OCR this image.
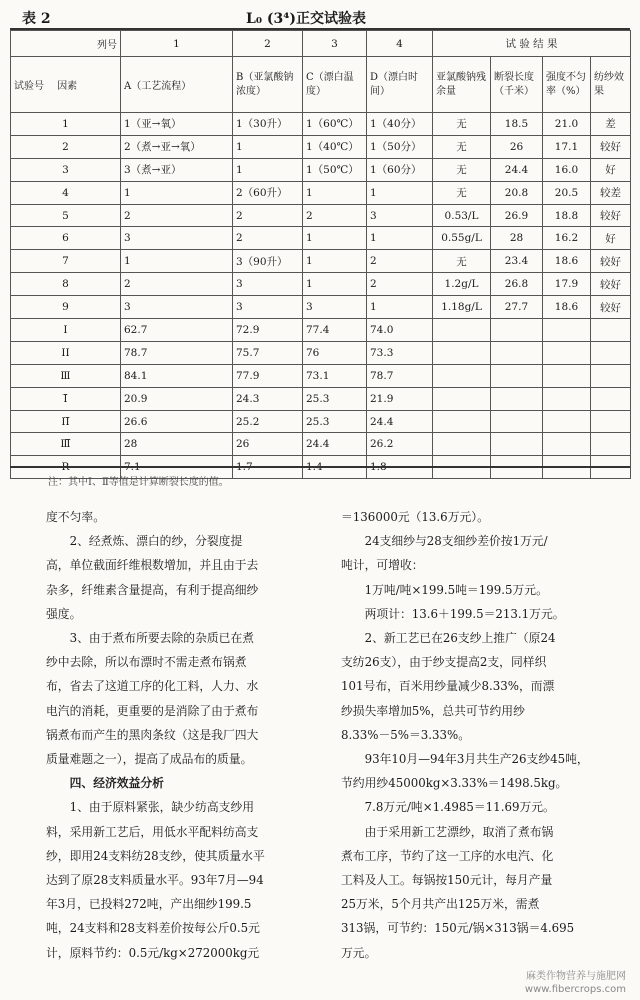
表 2	L₀ (3⁴)正交试验表
列号	1	2	3	4	试 验 结 果			
试验号　 因素	A（工艺流程）	B（亚氯酸钠浓度）	C（漂白温度）	D（漂白时间）	亚氯酸钠残余量	断裂长度（千米）	强度不匀率（%）	纺纱效果
1	1（亚→氧）	1（30升）	1（60℃）	1（40分）	无	18.5	21.0	差
2	2（煮→亚→氧）	1	1（40℃）	1（50分）	无	26	17.1	较好
3	3（煮→亚）	1	1（50℃）	1（60分）	无	24.4	16.0	好
4	1	2（60升）	1	1	无	20.8	20.5	较差
5	2	2	2	3	0.53/L	26.9	18.8	较好
6	3	2	1	1	0.55g/L	28	16.2	好
7	1	3（90升）	1	2	无	23.4	18.6	较好
8	2	3	1	2	1.2g/L	26.8	17.9	较好
9	3	3	3	1	1.18g/L	27.7	18.6	较好
Ⅰ	62.7	72.9	77.4	74.0				
ⅠⅠ	78.7	75.7	76	73.3				
Ⅲ	84.1	77.9	73.1	78.7				
Ⅰ̅	20.9	24.3	25.3	21.9				
ⅠⅠ̅	26.6	25.2	25.3	24.4				
Ⅲ̅	28	26	24.4	26.2				
R	7.1	1.7	1.4	1.8				
注：其中Ⅰ、Ⅱ等值是计算断裂长度的值。

度不匀率。

　　2、经煮炼、漂白的纱，分裂度提

高，单位截面纤维根数增加，并且由于去

杂多，纤维素含量提高，有利于提高细纱

强度。

　　3、由于煮布所要去除的杂质已在煮

纱中去除，所以布漂时不需走煮布锅煮

布，省去了这道工序的化工料，人力、水

电汽的消耗，更重要的是消除了由于煮布

锅煮布而产生的黑肉条纹（这是我厂四大

质量难题之一），提高了成品布的质量。

四、经济效益分析

　　1、由于原料紧张，缺少纺高支纱用

料，采用新工艺后，用低水平配料纺高支

纱，即用24支料纺28支纱，使其质量水平

达到了原28支料质量水平。93年7月—94

年3月，已投料272吨，产出细纱199.5

吨，24支料和28支料差价按每公斤0.5元

计，原料节约：0.5元/kg×272000kg元

＝136000元（13.6万元）。

　　24支细纱与28支细纱差价按1万元/

吨计，可增收：

　　1万吨/吨×199.5吨＝199.5万元。

　　两项计：13.6＋199.5＝213.1万元。

　　2、新工艺已在26支纱上推广（原24

支纺26支），由于纱支提高2支，同样织

101号布，百米用纱量减少8.33%，而漂

纱损失率增加5%，总共可节约用纱

8.33%－5%＝3.33%。

　　93年10月—94年3月共生产26支纱45吨，

节约用纱45000kg×3.33%＝1498.5kg。

　　7.8万元/吨×1.4985＝11.69万元。

　　由于采用新工艺漂纱，取消了煮布锅

煮布工序，节约了这一工序的水电汽、化

工料及人工。每锅按150元计，每月产量

25万米，5个月共产出125万米，需煮

313锅，可节约：150元/锅×313锅＝4.695

万元。

麻类作物营养与施肥网
www.fibercrops.com
